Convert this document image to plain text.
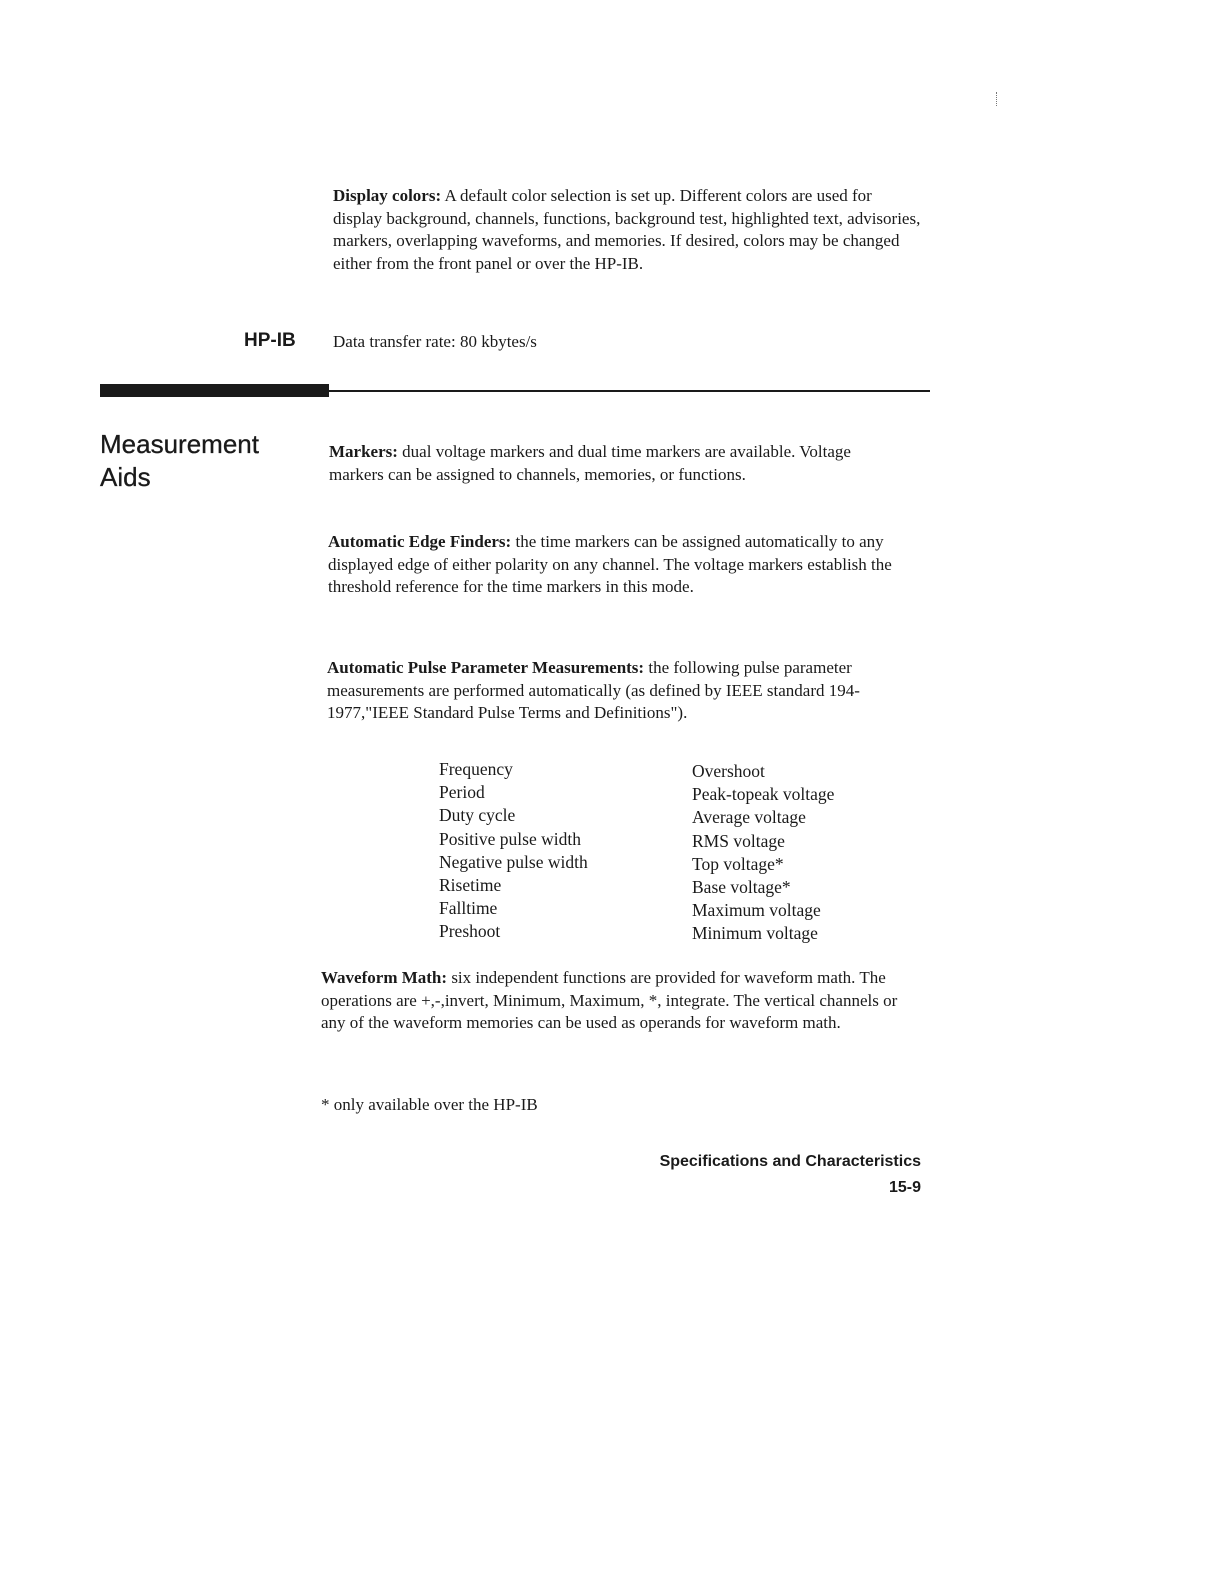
Display colors: A default color selection is set up. Different colors are used for display background, channels, functions, background test, highlighted text, advisories, markers, overlapping waveforms, and memories. If desired, colors may be changed either from the front panel or over the HP-IB.

HP-IB Data transfer rate: 80 kbytes/s

Measurement
Aids

Markers: dual voltage markers and dual time markers are available. Voltage markers can be assigned to channels, memories, or functions.

Automatic Edge Finders: the time markers can be assigned automatically to any displayed edge of either polarity on any channel. The voltage markers establish the threshold reference for the time markers in this mode.

Automatic Pulse Parameter Measurements: the following pulse parameter measurements are performed automatically (as defined by IEEE standard 194-1977,"IEEE Standard Pulse Terms and Definitions").

Frequency
Period
Duty cycle
Positive pulse width
Negative pulse width
Risetime
Falltime
Preshoot
Overshoot
Peak-topeak voltage
Average voltage
RMS voltage
Top voltage*
Base voltage*
Maximum voltage
Minimum voltage

Waveform Math: six independent functions are provided for waveform math. The operations are +,-,invert, Minimum, Maximum, *, integrate. The vertical channels or any of the waveform memories can be used as operands for waveform math.

* only available over the HP-IB

Specifications and Characteristics

15-9
